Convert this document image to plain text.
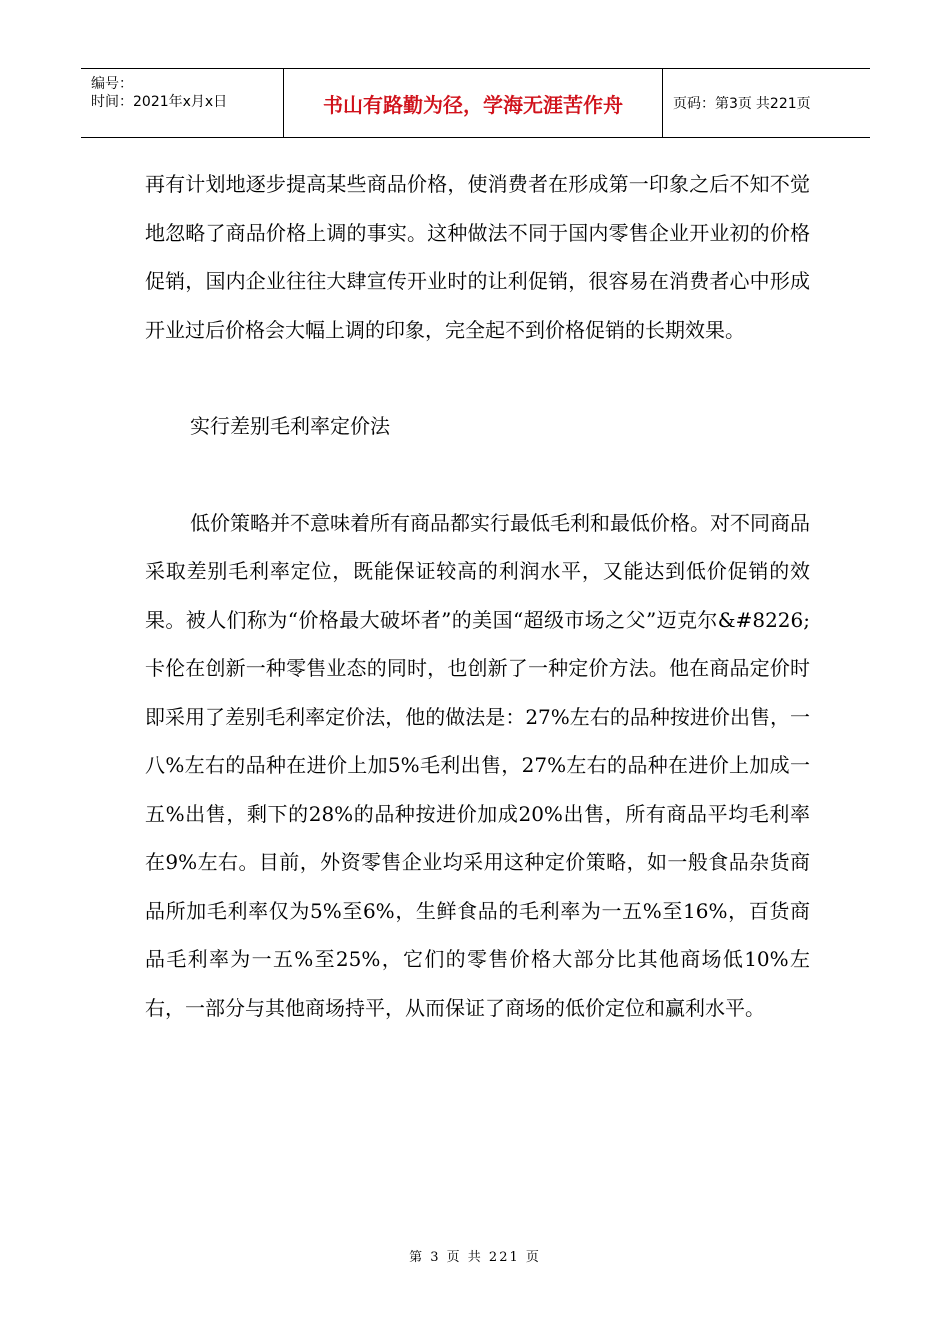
编号：
时间：2021年x月x日	书山有路勤为径，学海无涯苦作舟	页码：第3页 共221页

再有计划地逐步提高某些商品价格，使消费者在形成第一印象之后不知不觉地忽略了商品价格上调的事实。这种做法不同于国内零售企业开业初的价格促销，国内企业往往大肆宣传开业时的让利促销，很容易在消费者心中形成开业过后价格会大幅上调的印象，完全起不到价格促销的长期效果。

实行差别毛利率定价法

低价策略并不意味着所有商品都实行最低毛利和最低价格。对不同商品采取差别毛利率定位，既能保证较高的利润水平，又能达到低价促销的效果。被人们称为“价格最大破坏者”的美国“超级市场之父”迈克尔&#8226;卡伦在创新一种零售业态的同时，也创新了一种定价方法。他在商品定价时即采用了差别毛利率定价法，他的做法是：27%左右的品种按进价出售，一八%左右的品种在进价上加5%毛利出售，27%左右的品种在进价上加成一五%出售，剩下的28%的品种按进价加成20%出售，所有商品平均毛利率在9%左右。目前，外资零售企业均采用这种定价策略，如一般食品杂货商品所加毛利率仅为5%至6%，生鲜食品的毛利率为一五%至16%，百货商品毛利率为一五%至25%，它们的零售价格大部分比其他商场低10%左右，一部分与其他商场持平，从而保证了商场的低价定位和赢利水平。

第 3 页 共 221 页
